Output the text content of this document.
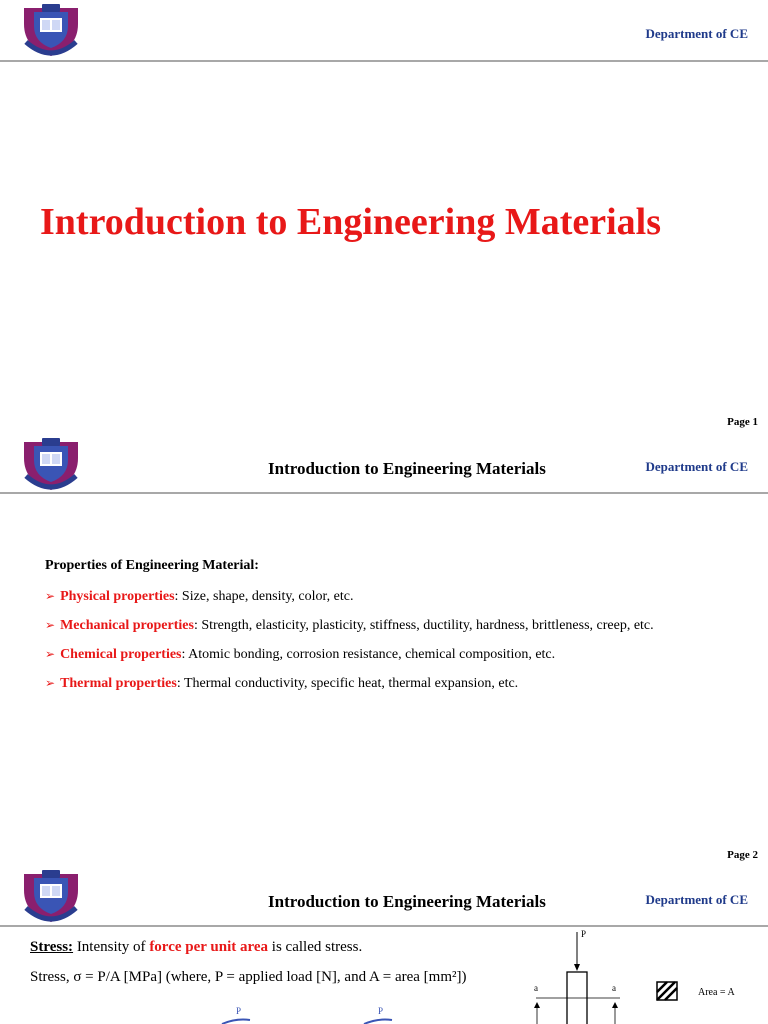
Department of CE
Introduction to Engineering Materials
Page 1
Introduction to Engineering Materials	Department of CE
Properties of Engineering Material:
➢ Physical properties: Size, shape, density, color, etc.
➢ Mechanical properties: Strength, elasticity, plasticity, stiffness, ductility, hardness, brittleness, creep, etc.
➢ Chemical properties: Atomic bonding, corrosion resistance, chemical composition, etc.
➢ Thermal properties: Thermal conductivity, specific heat, thermal expansion, etc.
Page 2
Introduction to Engineering Materials	Department of CE
Stress: Intensity of force per unit area is called stress.
Stress, σ = P/A [MPa] (where, P = applied load [N], and A = area [mm²])
P
a	a	Area = A
P	P
